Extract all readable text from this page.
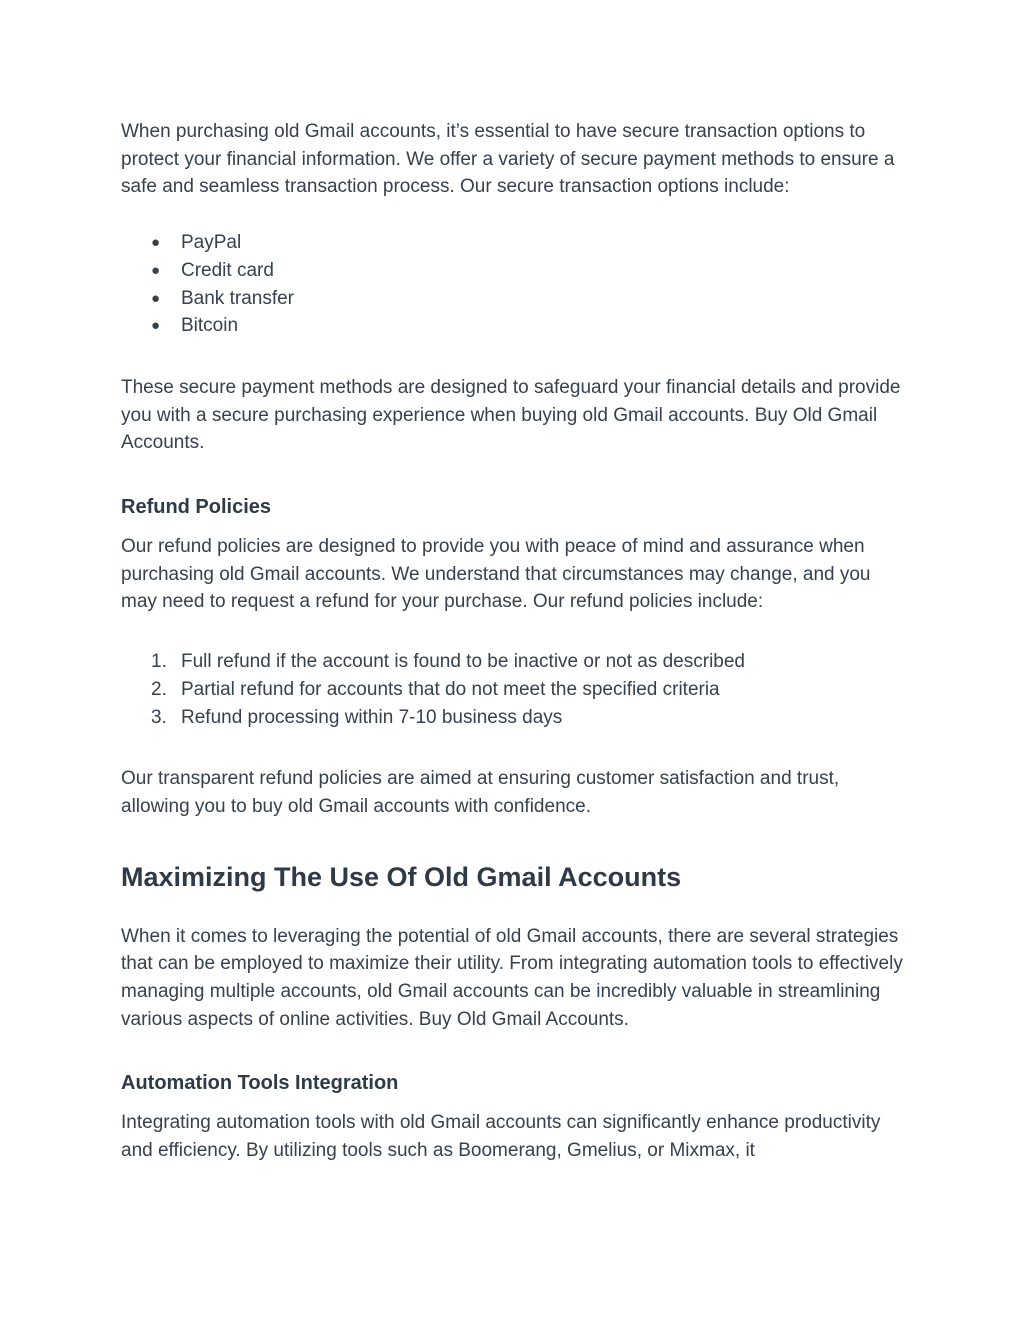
When purchasing old Gmail accounts, it’s essential to have secure transaction options to protect your financial information. We offer a variety of secure payment methods to ensure a safe and seamless transaction process. Our secure transaction options include:

● PayPal
● Credit card
● Bank transfer
● Bitcoin

These secure payment methods are designed to safeguard your financial details and provide you with a secure purchasing experience when buying old Gmail accounts. Buy Old Gmail Accounts.

Refund Policies

Our refund policies are designed to provide you with peace of mind and assurance when purchasing old Gmail accounts. We understand that circumstances may change, and you may need to request a refund for your purchase. Our refund policies include:

1. Full refund if the account is found to be inactive or not as described
2. Partial refund for accounts that do not meet the specified criteria
3. Refund processing within 7-10 business days

Our transparent refund policies are aimed at ensuring customer satisfaction and trust, allowing you to buy old Gmail accounts with confidence.

Maximizing The Use Of Old Gmail Accounts

When it comes to leveraging the potential of old Gmail accounts, there are several strategies that can be employed to maximize their utility. From integrating automation tools to effectively managing multiple accounts, old Gmail accounts can be incredibly valuable in streamlining various aspects of online activities. Buy Old Gmail Accounts.

Automation Tools Integration

Integrating automation tools with old Gmail accounts can significantly enhance productivity and efficiency. By utilizing tools such as Boomerang, Gmelius, or Mixmax, it
